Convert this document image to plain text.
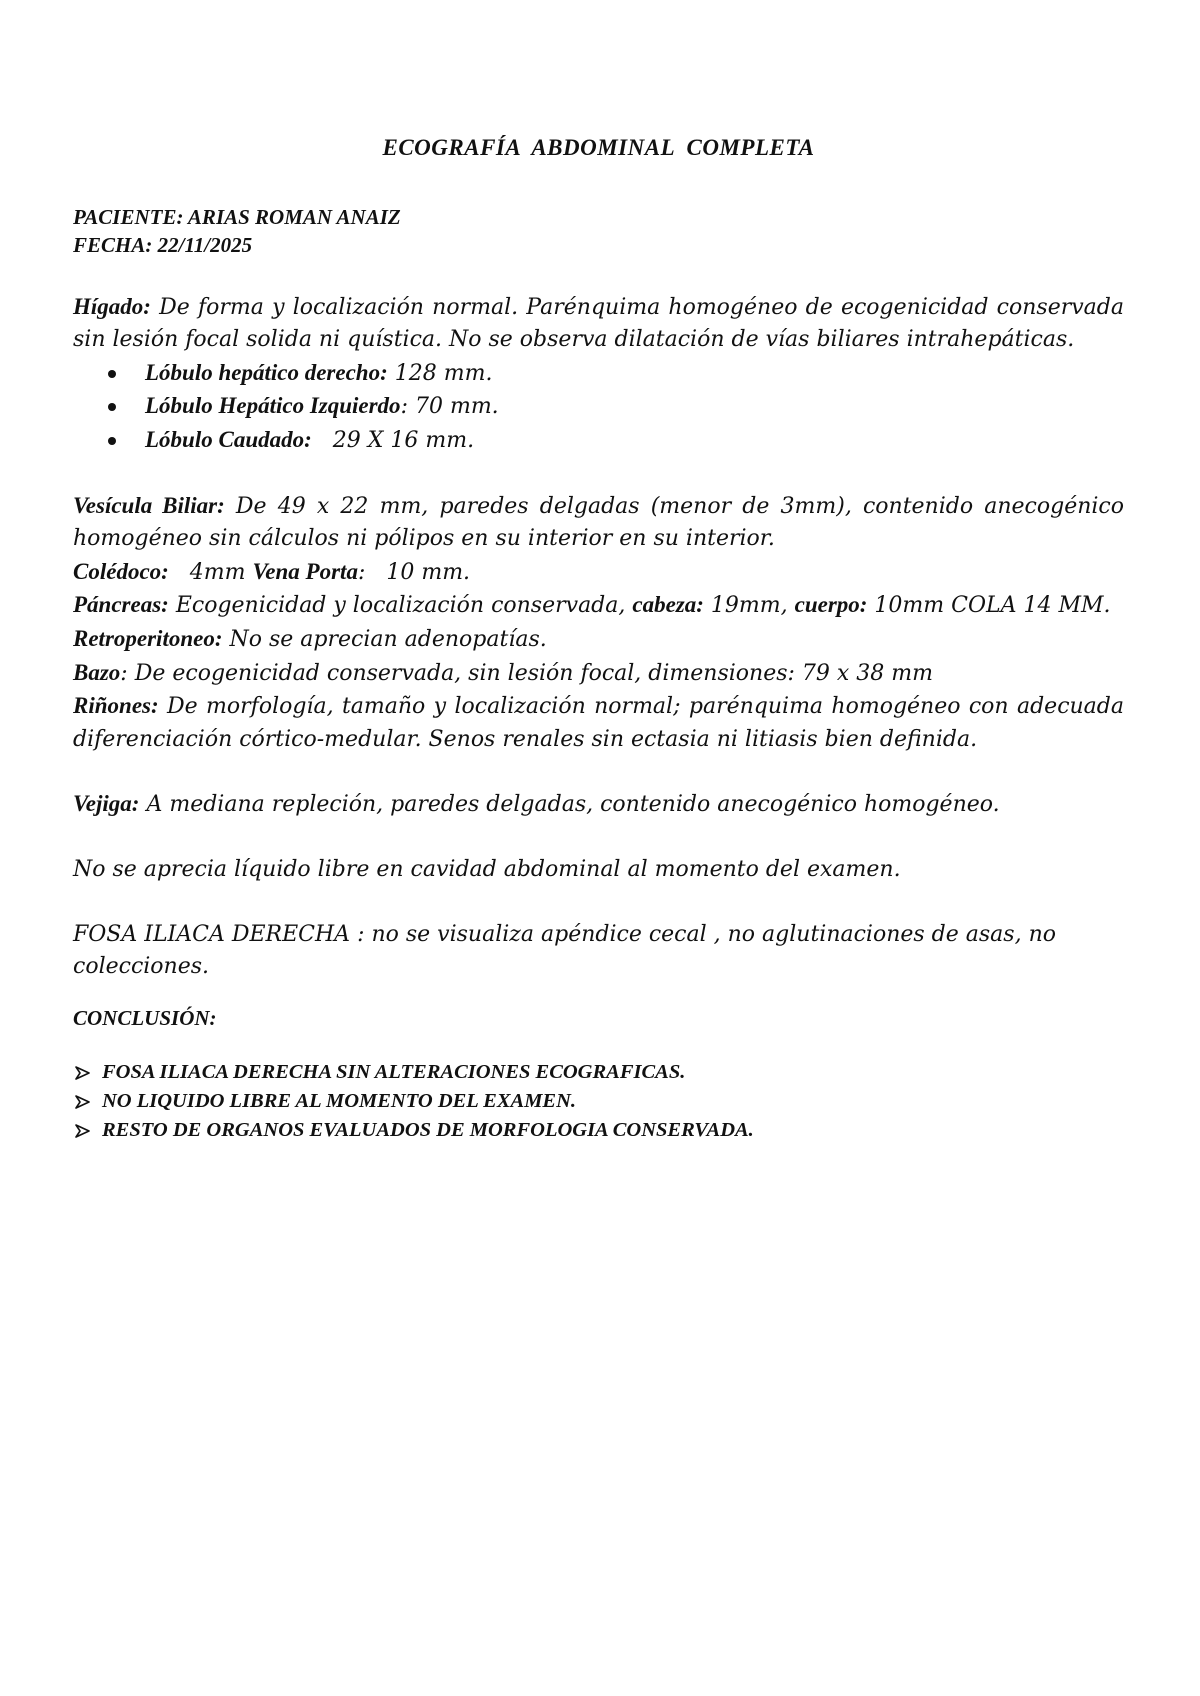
ECOGRAFÍA ABDOMINAL COMPLETA
PACIENTE: ARIAS ROMAN ANAIZ
FECHA: 22/11/2025
Hígado: De forma y localización normal. Parénquima homogéneo de ecogenicidad conservada sin lesión focal solida ni quística. No se observa dilatación de vías biliares intrahepáticas.
Lóbulo hepático derecho: 128 mm.
Lóbulo Hepático Izquierdo: 70 mm.
Lóbulo Caudado:   29 X 16 mm.
Vesícula Biliar: De 49 x 22 mm, paredes delgadas (menor de 3mm), contenido anecogénico homogéneo sin cálculos ni pólipos en su interior en su interior.
Colédoco:   4mm Vena Porta:   10 mm.
Páncreas: Ecogenicidad y localización conservada, cabeza: 19mm, cuerpo: 10mm COLA 14 MM.
Retroperitoneo: No se aprecian adenopatías.
Bazo: De ecogenicidad conservada, sin lesión focal, dimensiones: 79 x 38 mm
Riñones: De morfología, tamaño y localización normal; parénquima homogéneo con adecuada diferenciación córtico-medular. Senos renales sin ectasia ni litiasis bien definida.
Vejiga: A mediana repleción, paredes delgadas, contenido anecogénico homogéneo.
No se aprecia líquido libre en cavidad abdominal al momento del examen.
FOSA ILIACA DERECHA : no se visualiza apéndice cecal , no aglutinaciones de asas, no colecciones.
CONCLUSIÓN:
FOSA ILIACA DERECHA SIN ALTERACIONES ECOGRAFICAS.
NO LIQUIDO LIBRE AL MOMENTO DEL EXAMEN.
RESTO DE ORGANOS EVALUADOS DE MORFOLOGIA CONSERVADA.
